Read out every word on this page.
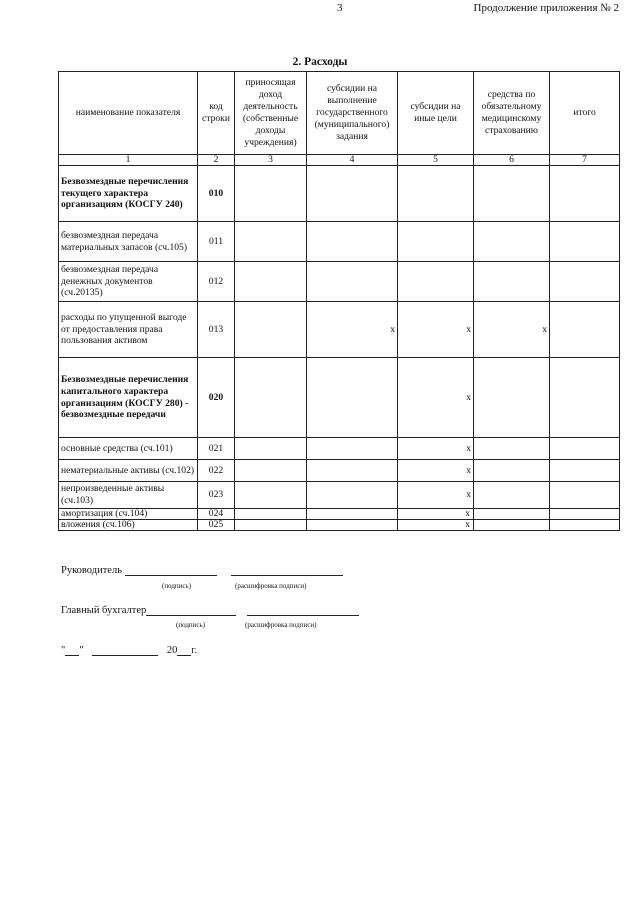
3	Продолжение приложения № 2
2. Расходы
наименование показателя	код строки	приносящая доход деятельность (собственные доходы учреждения)	субсидии на выполнение государственного (муниципального) задания	субсидии на иные цели	средства по обязательному медицинскому страхованию	итого
1	2	3	4	5	6	7
Безвозмездные перечисления текущего характера организациям (КОСГУ 240)	010					
безвозмездная передача материальных запасов (сч.105)	011					
безвозмездная передача денежных документов (сч.20135)	012					
расходы по упущенной выгоде от предоставления права пользования активом	013		x	x	x	
Безвозмездные перечисления капитального характера организациям (КОСГУ 280) - безвозмездные передачи	020			x		
основные средства (сч.101)	021			x		
нематериальные активы (сч.102)	022			x		
непроизведенные активы (сч.103)	023			x		
амортизация (сч.104)	024			x		
вложения (сч.106)	025			x		
Руководитель
(подпись)	(расшифровка подписи)
Главный бухгалтер
(подпись)	(расшифровка подписи)
" "	20 г.
